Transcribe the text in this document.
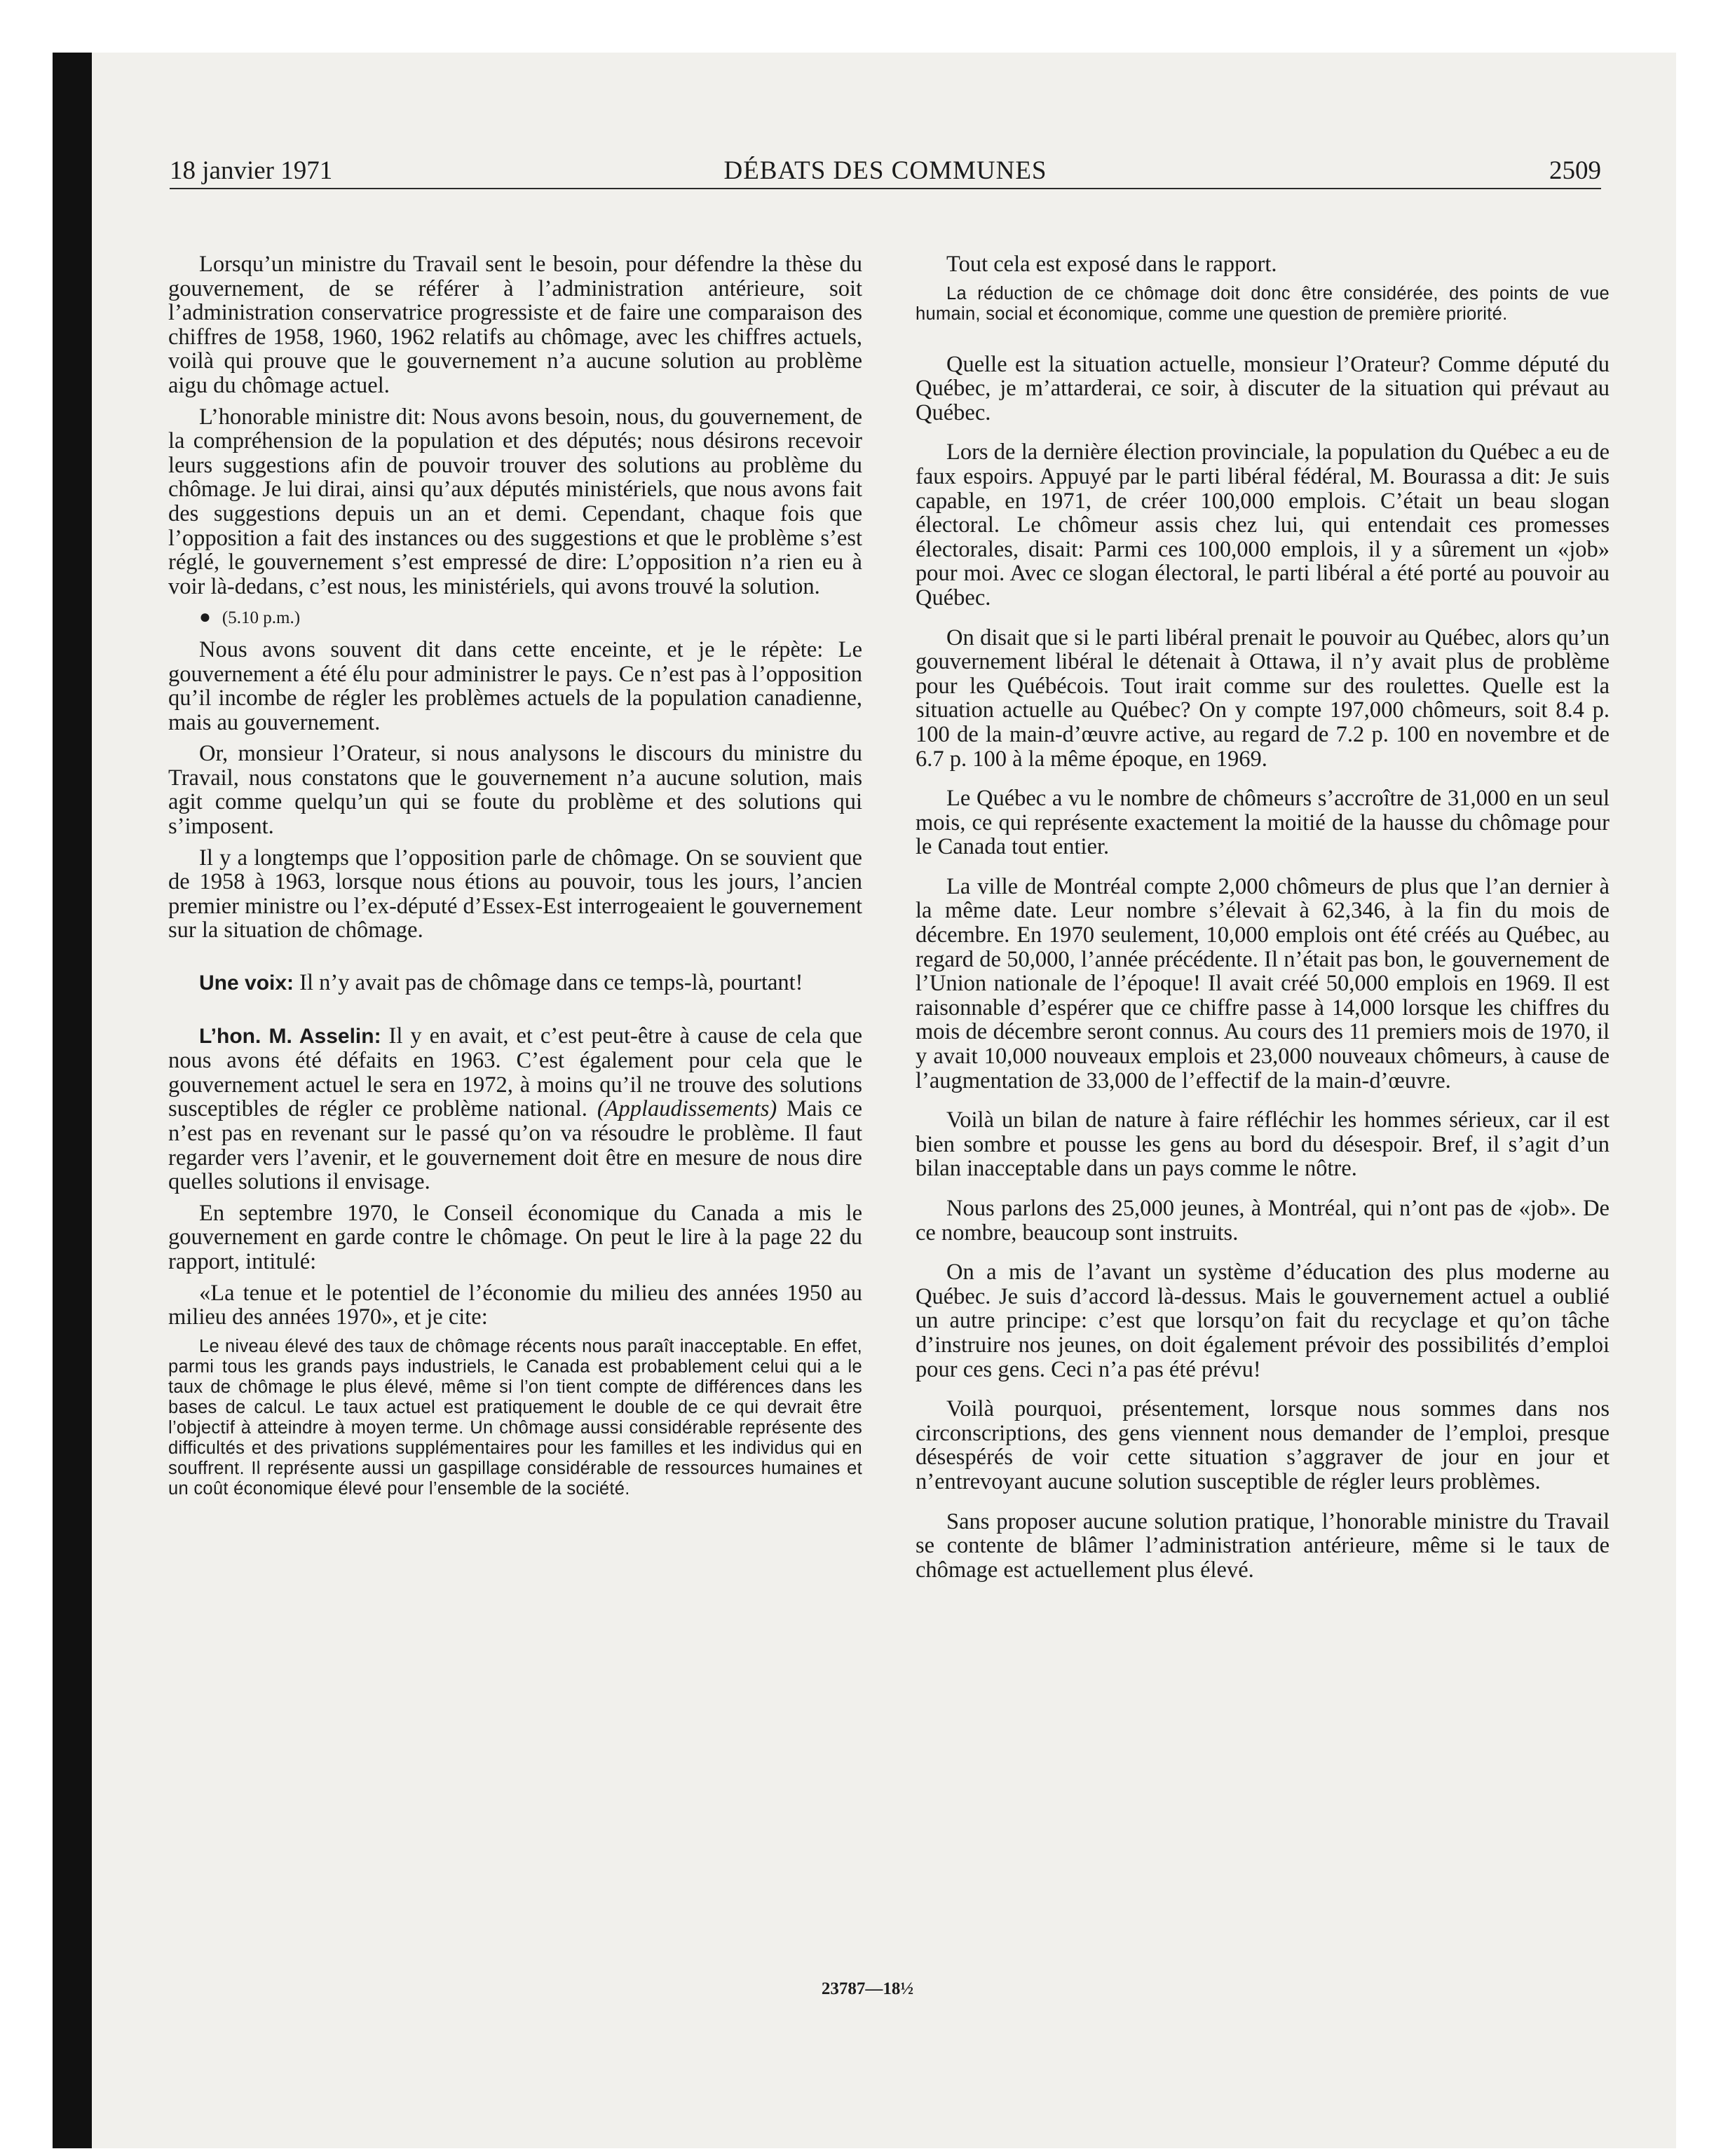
18 janvier 1971	DÉBATS DES COMMUNES	2509

Lorsqu’un ministre du Travail sent le besoin, pour défendre la thèse du gouvernement, de se référer à l’administration antérieure, soit l’administration conservatrice progressiste et de faire une comparaison des chiffres de 1958, 1960, 1962 relatifs au chômage, avec les chiffres actuels, voilà qui prouve que le gouvernement n’a aucune solution au problème aigu du chômage actuel.

L’honorable ministre dit: Nous avons besoin, nous, du gouvernement, de la compréhension de la population et des députés; nous désirons recevoir leurs suggestions afin de pouvoir trouver des solutions au problème du chômage. Je lui dirai, ainsi qu’aux députés ministériels, que nous avons fait des suggestions depuis un an et demi. Cependant, chaque fois que l’opposition a fait des instances ou des suggestions et que le problème s’est réglé, le gouvernement s’est empressé de dire: L’opposition n’a rien eu à voir là-dedans, c’est nous, les ministériels, qui avons trouvé la solution.

● (5.10 p.m.)

Nous avons souvent dit dans cette enceinte, et je le répète: Le gouvernement a été élu pour administrer le pays. Ce n’est pas à l’opposition qu’il incombe de régler les problèmes actuels de la population canadienne, mais au gouvernement.

Or, monsieur l’Orateur, si nous analysons le discours du ministre du Travail, nous constatons que le gouvernement n’a aucune solution, mais agit comme quelqu’un qui se foute du problème et des solutions qui s’imposent.

Il y a longtemps que l’opposition parle de chômage. On se souvient que de 1958 à 1963, lorsque nous étions au pouvoir, tous les jours, l’ancien premier ministre ou l’ex-député d’Essex-Est interrogeaient le gouvernement sur la situation de chômage.

Une voix: Il n’y avait pas de chômage dans ce temps-là, pourtant!

L’hon. M. Asselin: Il y en avait, et c’est peut-être à cause de cela que nous avons été défaits en 1963. C’est également pour cela que le gouvernement actuel le sera en 1972, à moins qu’il ne trouve des solutions susceptibles de régler ce problème national. (Applaudissements) Mais ce n’est pas en revenant sur le passé qu’on va résoudre le problème. Il faut regarder vers l’avenir, et le gouvernement doit être en mesure de nous dire quelles solutions il envisage.

En septembre 1970, le Conseil économique du Canada a mis le gouvernement en garde contre le chômage. On peut le lire à la page 22 du rapport, intitulé:

«La tenue et le potentiel de l’économie du milieu des années 1950 au milieu des années 1970», et je cite:

Le niveau élevé des taux de chômage récents nous paraît inacceptable. En effet, parmi tous les grands pays industriels, le Canada est probablement celui qui a le taux de chômage le plus élevé, même si l’on tient compte de différences dans les bases de calcul. Le taux actuel est pratiquement le double de ce qui devrait être l’objectif à atteindre à moyen terme. Un chômage aussi considérable représente des difficultés et des privations supplémentaires pour les familles et les individus qui en souffrent. Il représente aussi un gaspillage considérable de ressources humaines et un coût économique élevé pour l’ensemble de la société.

Tout cela est exposé dans le rapport.

La réduction de ce chômage doit donc être considérée, des points de vue humain, social et économique, comme une question de première priorité.

Quelle est la situation actuelle, monsieur l’Orateur? Comme député du Québec, je m’attarderai, ce soir, à discuter de la situation qui prévaut au Québec.

Lors de la dernière élection provinciale, la population du Québec a eu de faux espoirs. Appuyé par le parti libéral fédéral, M. Bourassa a dit: Je suis capable, en 1971, de créer 100,000 emplois. C’était un beau slogan électoral. Le chômeur assis chez lui, qui entendait ces promesses électorales, disait: Parmi ces 100,000 emplois, il y a sûrement un «job» pour moi. Avec ce slogan électoral, le parti libéral a été porté au pouvoir au Québec.

On disait que si le parti libéral prenait le pouvoir au Québec, alors qu’un gouvernement libéral le détenait à Ottawa, il n’y avait plus de problème pour les Québécois. Tout irait comme sur des roulettes. Quelle est la situation actuelle au Québec? On y compte 197,000 chômeurs, soit 8.4 p. 100 de la main-d’œuvre active, au regard de 7.2 p. 100 en novembre et de 6.7 p. 100 à la même époque, en 1969.

Le Québec a vu le nombre de chômeurs s’accroître de 31,000 en un seul mois, ce qui représente exactement la moitié de la hausse du chômage pour le Canada tout entier.

La ville de Montréal compte 2,000 chômeurs de plus que l’an dernier à la même date. Leur nombre s’élevait à 62,346, à la fin du mois de décembre. En 1970 seulement, 10,000 emplois ont été créés au Québec, au regard de 50,000, l’année précédente. Il n’était pas bon, le gouvernement de l’Union nationale de l’époque! Il avait créé 50,000 emplois en 1969. Il est raisonnable d’espérer que ce chiffre passe à 14,000 lorsque les chiffres du mois de décembre seront connus. Au cours des 11 premiers mois de 1970, il y avait 10,000 nouveaux emplois et 23,000 nouveaux chômeurs, à cause de l’augmentation de 33,000 de l’effectif de la main-d’œuvre.

Voilà un bilan de nature à faire réfléchir les hommes sérieux, car il est bien sombre et pousse les gens au bord du désespoir. Bref, il s’agit d’un bilan inacceptable dans un pays comme le nôtre.

Nous parlons des 25,000 jeunes, à Montréal, qui n’ont pas de «job». De ce nombre, beaucoup sont instruits.

On a mis de l’avant un système d’éducation des plus moderne au Québec. Je suis d’accord là-dessus. Mais le gouvernement actuel a oublié un autre principe: c’est que lorsqu’on fait du recyclage et qu’on tâche d’instruire nos jeunes, on doit également prévoir des possibilités d’emploi pour ces gens. Ceci n’a pas été prévu!

Voilà pourquoi, présentement, lorsque nous sommes dans nos circonscriptions, des gens viennent nous demander de l’emploi, presque désespérés de voir cette situation s’aggraver de jour en jour et n’entrevoyant aucune solution susceptible de régler leurs problèmes.

Sans proposer aucune solution pratique, l’honorable ministre du Travail se contente de blâmer l’administration antérieure, même si le taux de chômage est actuellement plus élevé.

23787—18½
